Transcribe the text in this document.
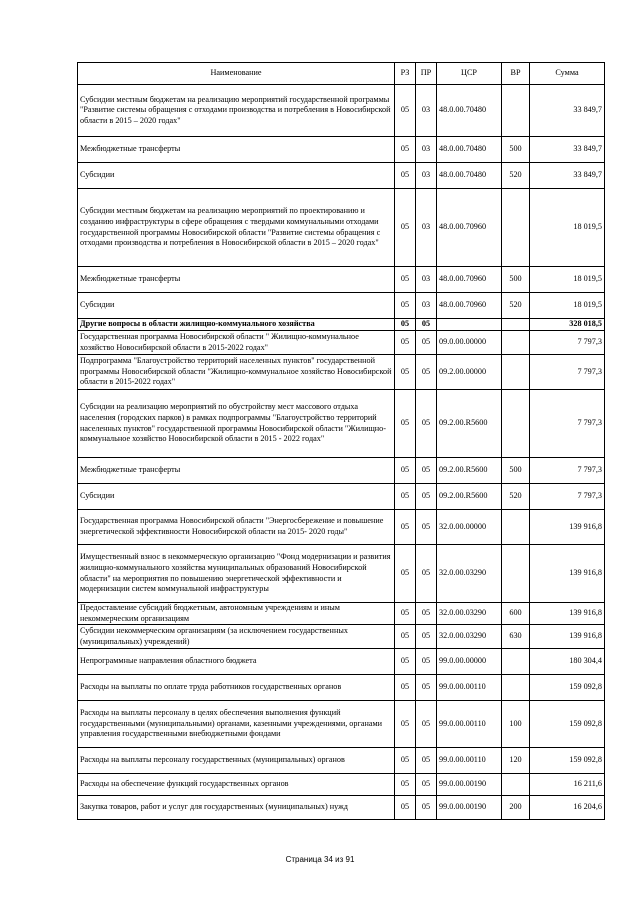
Наименование	РЗ	ПР	ЦСР	ВР	Сумма
Субсидии местным бюджетам на реализацию мероприятий государственной программы "Развитие системы обращения с отходами производства и потребления в Новосибирской области в 2015 – 2020 годах"	05	03	48.0.00.70480		33 849,7
Межбюджетные трансферты	05	03	48.0.00.70480	500	33 849,7
Субсидии	05	03	48.0.00.70480	520	33 849,7
Субсидии местным бюджетам на реализацию мероприятий по проектированию и созданию инфраструктуры в сфере обращения с твердыми коммунальными отходами государственной программы Новосибирской области "Развитие системы обращения с отходами производства и потребления в Новосибирской области в 2015 – 2020 годах"	05	03	48.0.00.70960		18 019,5
Межбюджетные трансферты	05	03	48.0.00.70960	500	18 019,5
Субсидии	05	03	48.0.00.70960	520	18 019,5
Другие вопросы в области жилищно-коммунального хозяйства	05	05			328 018,5
Государственная программа Новосибирской области " Жилищно-коммунальное хозяйство Новосибирской области в 2015-2022 годах"	05	05	09.0.00.00000		7 797,3
Подпрограмма "Благоустройство территорий населенных пунктов" государственной программы Новосибирской области "Жилищно-коммунальное хозяйство Новосибирской области в 2015-2022 годах"	05	05	09.2.00.00000		7 797,3
Субсидии на реализацию мероприятий по обустройству мест массового отдыха населения (городских парков) в рамках подпрограммы "Благоустройство территорий населенных пунктов" государственной программы Новосибирской области "Жилищно-коммунальное хозяйство Новосибирской области в 2015 - 2022 годах"	05	05	09.2.00.R5600		7 797,3
Межбюджетные трансферты	05	05	09.2.00.R5600	500	7 797,3
Субсидии	05	05	09.2.00.R5600	520	7 797,3
Государственная программа Новосибирской области "Энергосбережение и повышение энергетической эффективности Новосибирской области на 2015- 2020 годы"	05	05	32.0.00.00000		139 916,8
Имущественный взнос в некоммерческую организацию "Фонд модернизации и развития жилищно-коммунального хозяйства муниципальных образований Новосибирской области" на мероприятия по повышению энергетической эффективности и модернизации систем коммунальной инфраструктуры	05	05	32.0.00.03290		139 916,8
Предоставление субсидий бюджетным, автономным учреждениям и иным некоммерческим организациям	05	05	32.0.00.03290	600	139 916,8
Субсидии некоммерческим организациям (за исключением государственных (муниципальных) учреждений)	05	05	32.0.00.03290	630	139 916,8
Непрограммные направления областного бюджета	05	05	99.0.00.00000		180 304,4
Расходы на выплаты по оплате труда работников государственных органов	05	05	99.0.00.00110		159 092,8
Расходы на выплаты персоналу в целях обеспечения выполнения функций государственными (муниципальными) органами, казенными учреждениями, органами управления государственными внебюджетными фондами	05	05	99.0.00.00110	100	159 092,8
Расходы на выплаты персоналу государственных (муниципальных) органов	05	05	99.0.00.00110	120	159 092,8
Расходы на обеспечение функций государственных органов	05	05	99.0.00.00190		16 211,6
Закупка товаров, работ и услуг для государственных (муниципальных) нужд	05	05	99.0.00.00190	200	16 204,6
Страница 34 из 91
